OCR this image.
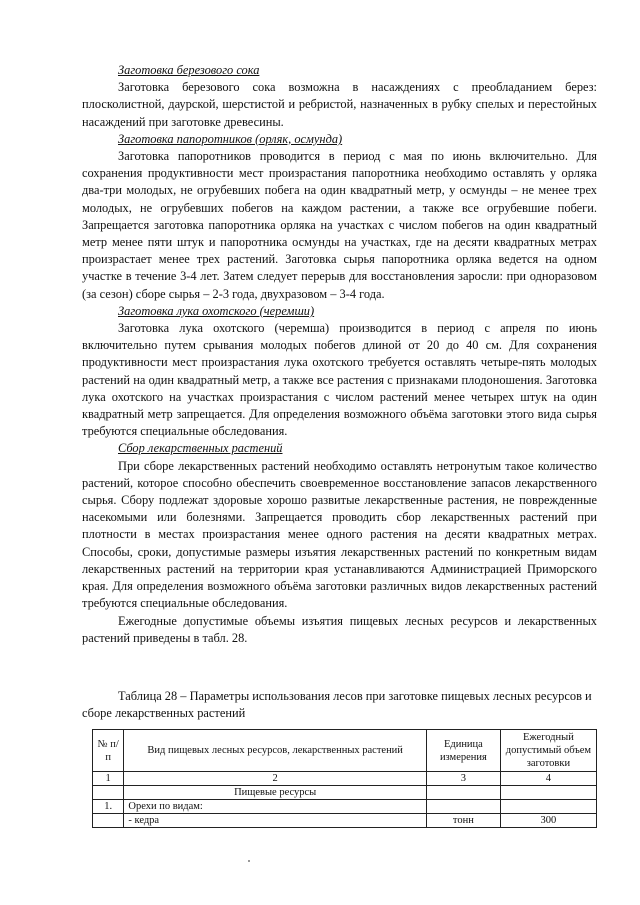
Заготовка березового сока

Заготовка березового сока возможна в насаждениях с преобладанием берез: плосколистной, даурской, шерстистой и ребристой, назначенных в рубку спелых и перестойных насаждений при заготовке древесины.

Заготовка папоротников (орляк, осмунда)

Заготовка папоротников проводится в период с мая по июнь включительно. Для сохранения продуктивности мест произрастания папоротника необходимо оставлять у орляка два-три молодых, не огрубевших побега на один квадратный метр, у осмунды – не менее трех молодых, не огрубевших побегов на каждом растении, а также все огрубевшие побеги. Запрещается заготовка папоротника орляка на участках с числом побегов на один квадратный метр менее пяти штук и папоротника осмунды на участках, где на десяти квадратных метрах произрастает менее трех растений. Заготовка сырья папоротника орляка ведется на одном участке в течение 3-4 лет. Затем следует перерыв для восстановления заросли: при одноразовом (за сезон) сборе сырья – 2-3 года, двухразовом – 3-4 года.

Заготовка лука охотского (черемши)

Заготовка лука охотского (черемша) производится в период с апреля по июнь включительно путем срывания молодых побегов длиной от 20 до 40 см. Для сохранения продуктивности мест произрастания лука охотского требуется оставлять четыре-пять молодых растений на один квадратный метр, а также все растения с признаками плодоношения. Заготовка лука охотского на участках произрастания с числом растений менее четырех штук на один квадратный метр запрещается. Для определения возможного объёма заготовки этого вида сырья требуются специальные обследования.

Сбор лекарственных растений

При сборе лекарственных растений необходимо оставлять нетронутым такое количество растений, которое способно обеспечить своевременное восстановление запасов лекарственного сырья. Сбору подлежат здоровые хорошо развитые лекарственные растения, не поврежденные насекомыми или болезнями. Запрещается проводить сбор лекарственных растений при плотности в местах произрастания менее одного растения на десяти квадратных метрах. Способы, сроки, допустимые размеры изъятия лекарственных растений по конкретным видам лекарственных растений на территории края устанавливаются Администрацией Приморского края. Для определения возможного объёма заготовки различных видов лекарственных растений требуются специальные обследования.

Ежегодные допустимые объемы изъятия пищевых лесных ресурсов и лекарственных растений приведены в табл. 28.

Таблица 28 – Параметры использования лесов при заготовке пищевых лесных ресурсов и сборе лекарственных растений
№ п/п	Вид пищевых лесных ресурсов, лекарственных растений	Единица измерения	Ежегодный допустимый объем заготовки
1	2	3	4
	Пищевые ресурсы		
1.	Орехи по видам:		
	- кедра	тонн	300
